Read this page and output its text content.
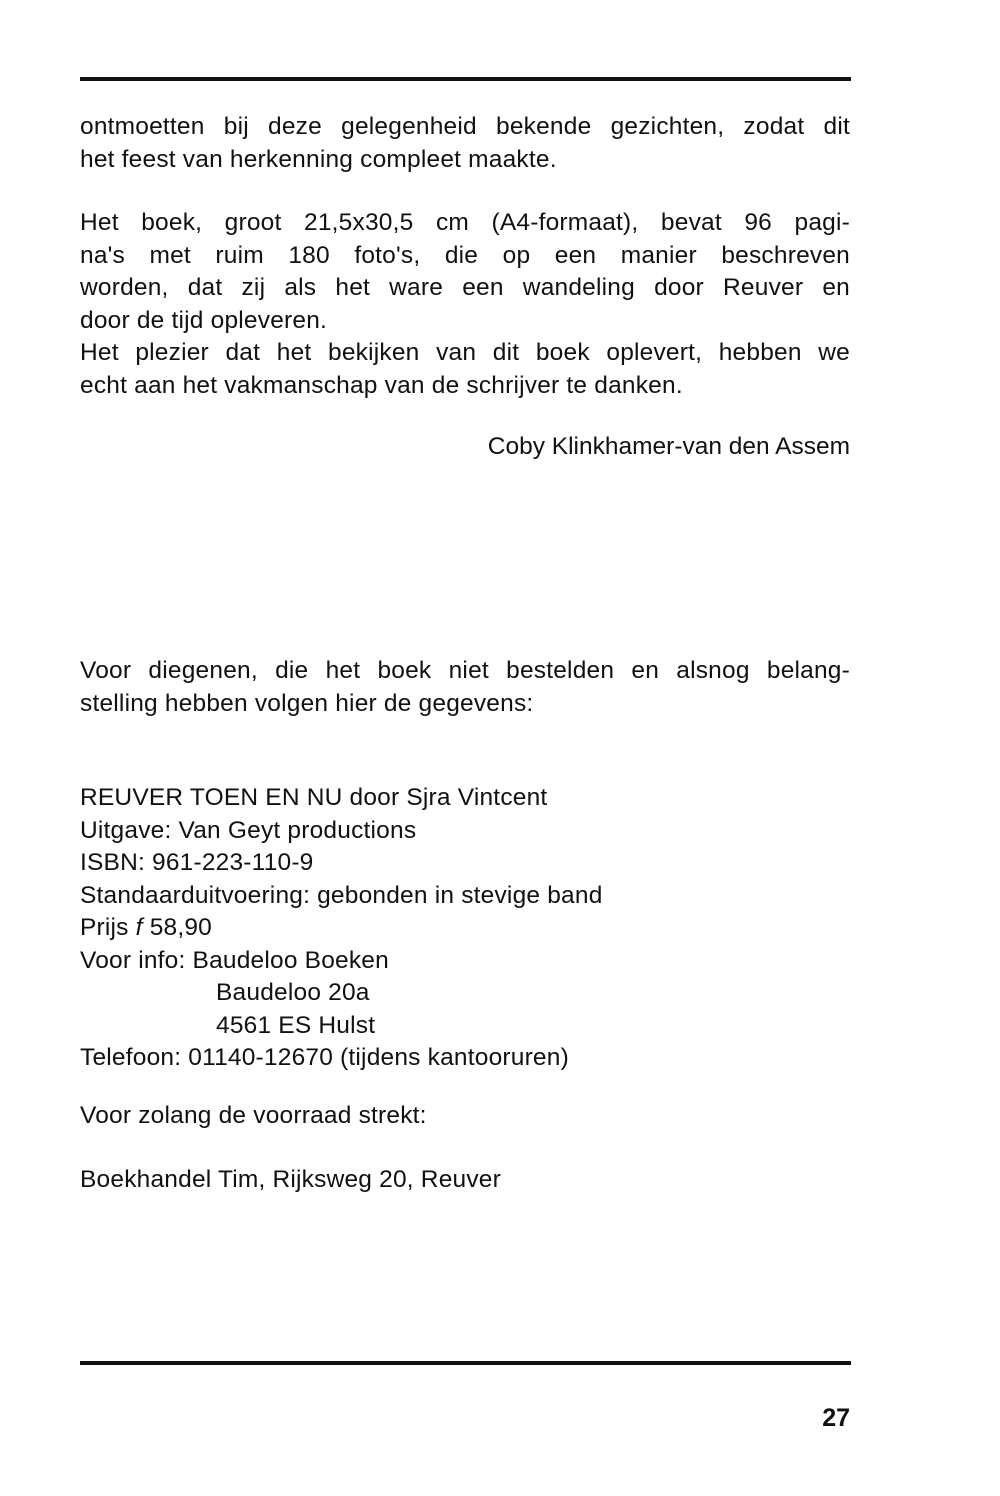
ontmoetten bij deze gelegenheid bekende gezichten, zodat dit
het feest van herkenning compleet maakte.
Het boek, groot 21,5x30,5 cm (A4-formaat), bevat 96 pagi-
na's met ruim 180 foto's, die op een manier beschreven
worden, dat zij als het ware een wandeling door Reuver en
door de tijd opleveren.
Het plezier dat het bekijken van dit boek oplevert, hebben we
echt aan het vakmanschap van de schrijver te danken.
Coby Klinkhamer-van den Assem
Voor diegenen, die het boek niet bestelden en alsnog belang-
stelling hebben volgen hier de gegevens:
REUVER TOEN EN NU door Sjra Vintcent
Uitgave: Van Geyt productions
ISBN: 961-223-110-9
Standaarduitvoering: gebonden in stevige band
Prijs f 58,90
Voor info: Baudeloo Boeken
Baudeloo 20a
4561 ES Hulst
Telefoon: 01140-12670 (tijdens kantooruren)
Voor zolang de voorraad strekt:
Boekhandel Tim, Rijksweg 20, Reuver
27
